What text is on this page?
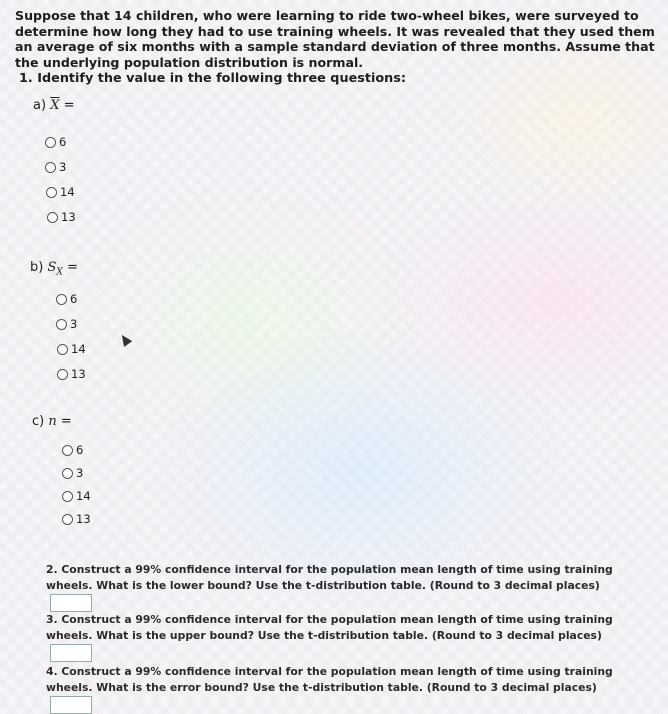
Suppose that 14 children, who were learning to ride two-wheel bikes, were surveyed to determine how long they had to use training wheels. It was revealed that they used them an average of six months with a sample standard deviation of three months. Assume that the underlying population distribution is normal.

1. Identify the value in the following three questions:
a) $\overline{X}$ =
6
3
14
13
b) $S_X$ =
6
3
14
13
c) n =
6
3
14
13
2. Construct a 99% confidence interval for the population mean length of time using training wheels. What is the lower bound? Use the t-distribution table. (Round to 3 decimal places)
3. Construct a 99% confidence interval for the population mean length of time using training wheels. What is the upper bound? Use the t-distribution table. (Round to 3 decimal places)
4. Construct a 99% confidence interval for the population mean length of time using training wheels. What is the error bound? Use the t-distribution table. (Round to 3 decimal places)
